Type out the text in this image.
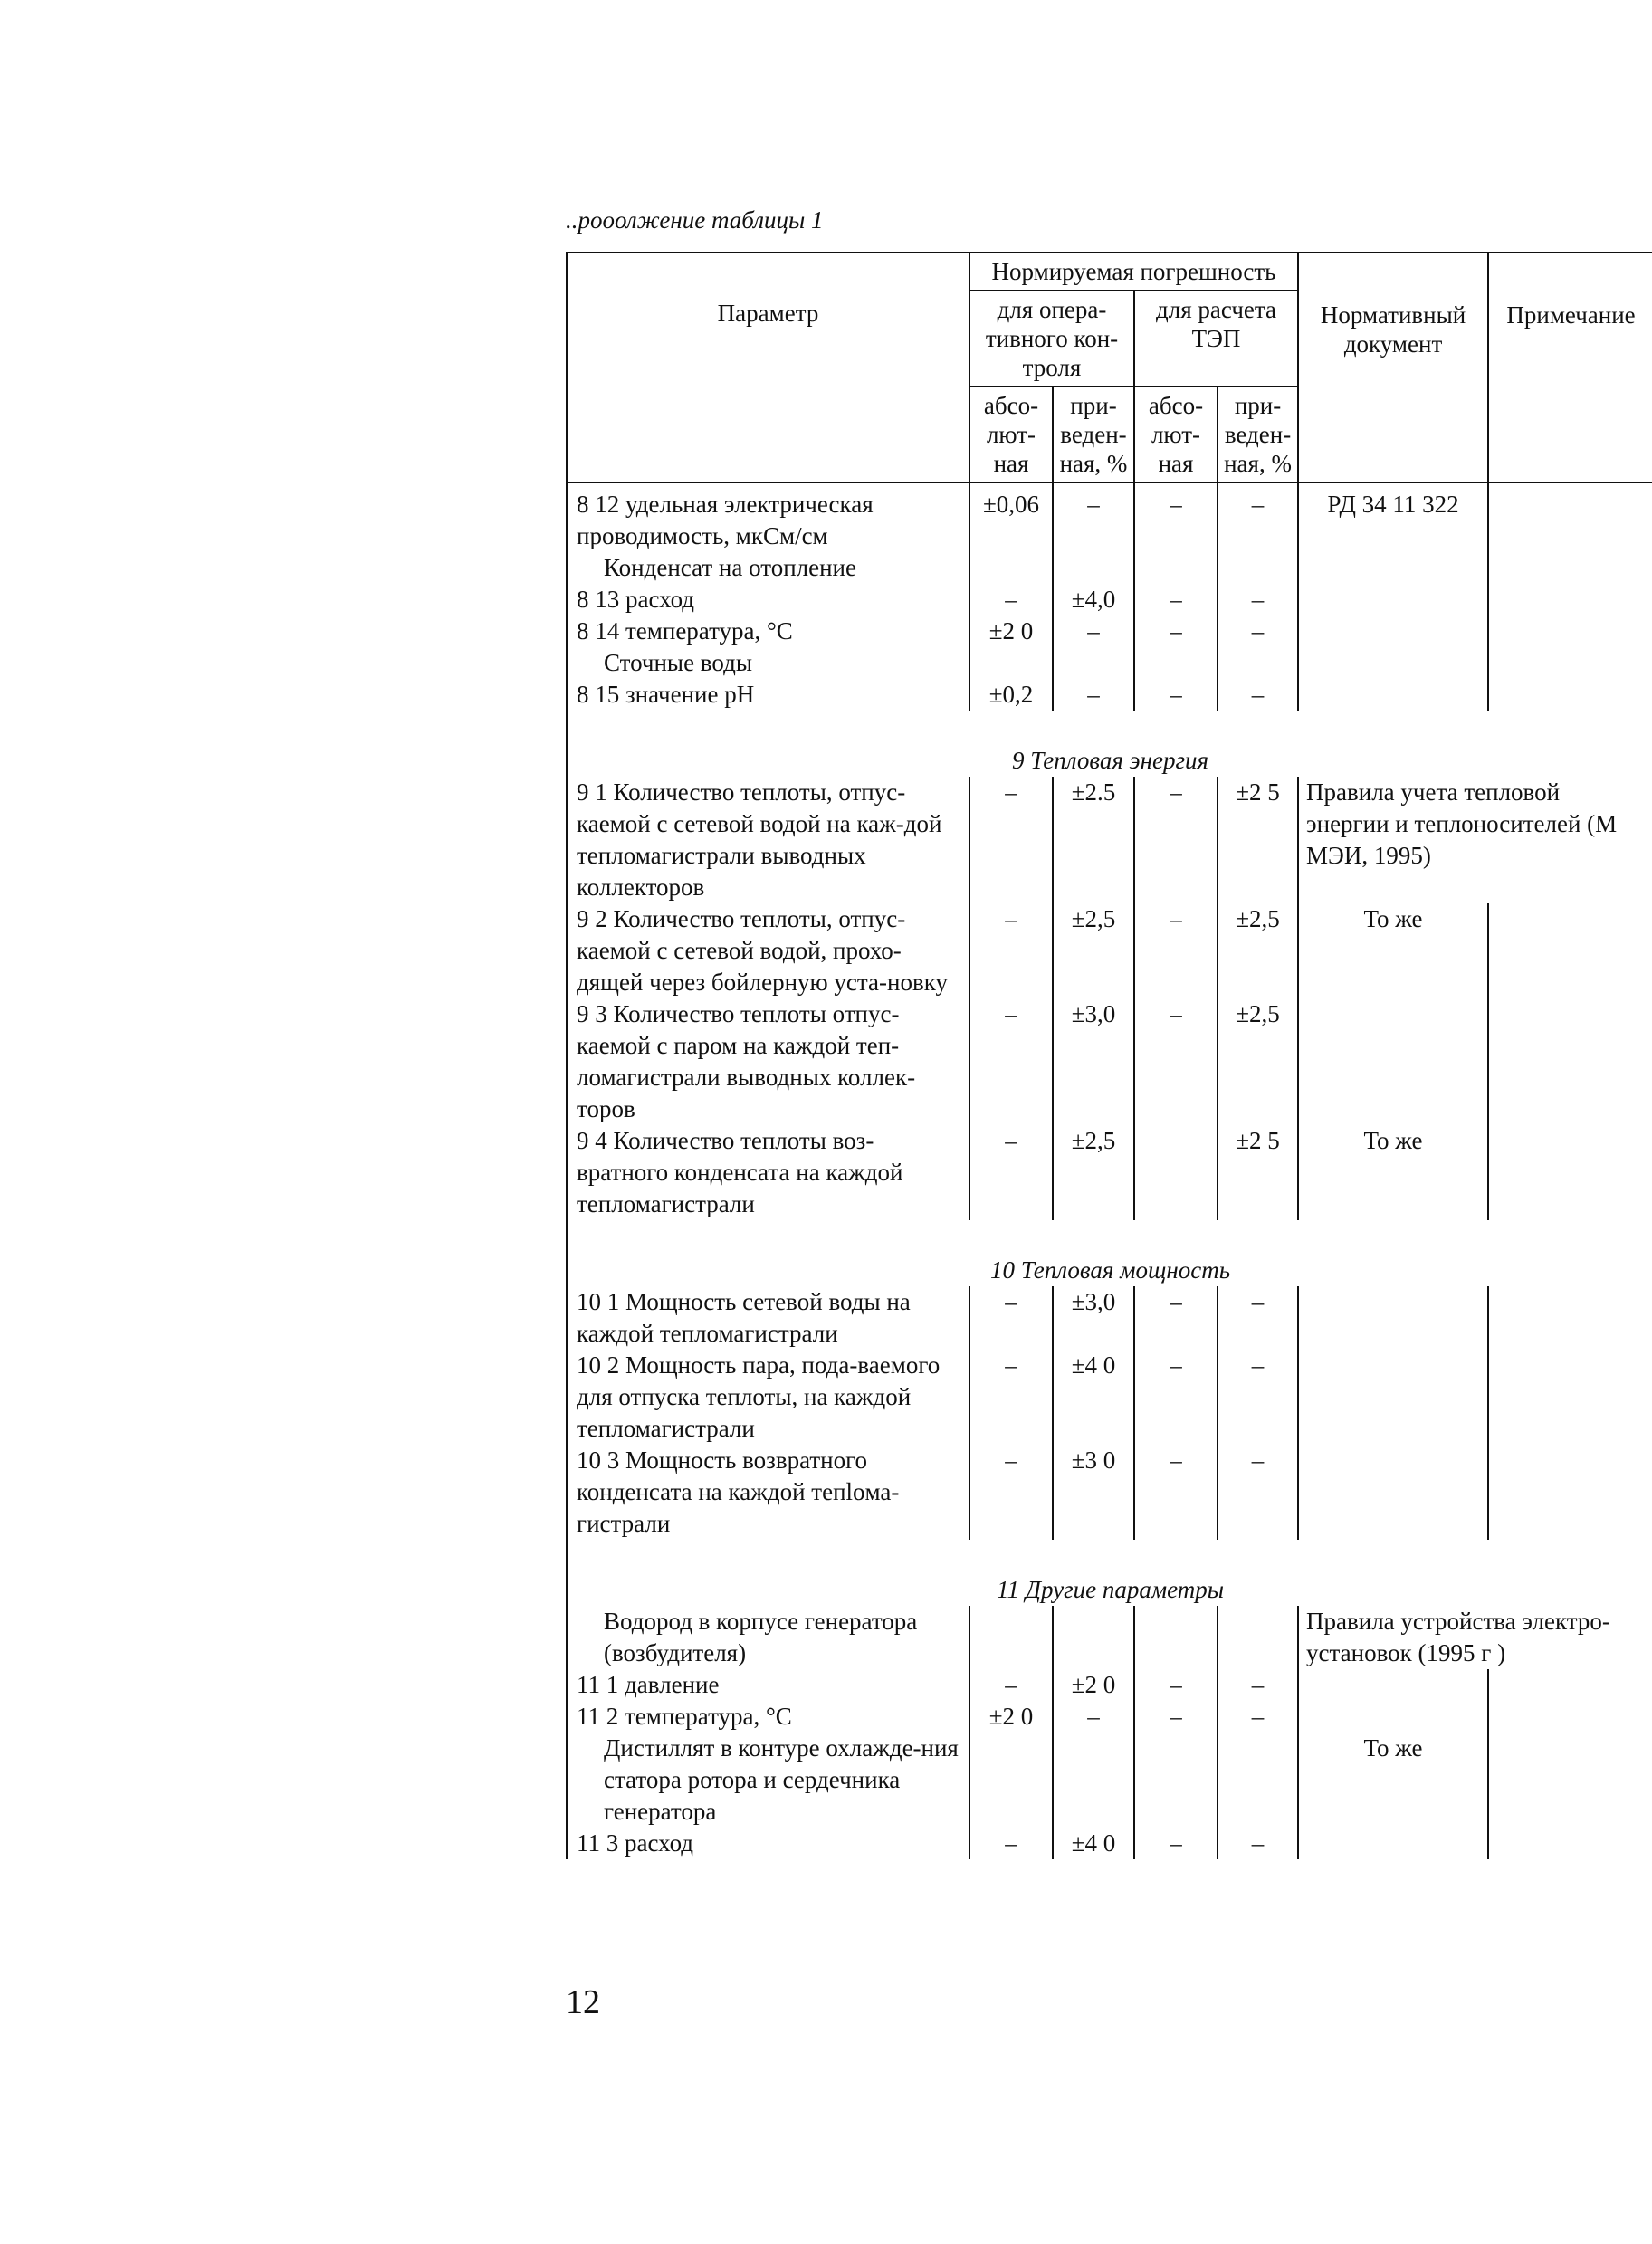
..pooолжение таблицы 1
Параметр	Нормируемая погрешность				Нормативный документ	Примечание
	для опера-тивного кон-троля		для расчета ТЭП			
	абсо-лют-ная	при-веден-ная, %	абсо-лют-ная	при-веден-ная, %		
8 12 удельная электрическая проводимость, мкСм/см	±0,06	–	–	–	РД 34 11 322	
Конденсат на отопление						
8 13 расход	–	±4,0	–	–		
8 14 температура, °С	±2 0	–	–	–		
Сточные воды						
8 15 значение pH	±0,2	–	–	–		
9 Тепловая энергия						
9 1 Количество теплоты, отпус-каемой с сетевой водой на каж-дой тепломагистрали выводных коллекторов	–	±2.5	–	±2 5	Правила учета тепловой энергии и теплоносителей (М МЭИ, 1995)	
9 2 Количество теплоты, отпус-каемой с сетевой водой, прохо-дящей через бойлерную уста-новку	–	±2,5	–	±2,5	То же	
9 3 Количество теплоты отпус-каемой с паром на каждой теп-ломагистрали выводных коллек-торов	–	±3,0	–	±2,5		
9 4 Количество теплоты воз-вратного конденсата на каждой тепломагистрали	–	±2,5		±2 5	То же	
10 Тепловая мощность						
10 1 Мощность сетевой воды на каждой тепломагистрали	–	±3,0	–	–		
10 2 Мощность пара, пода-ваемого для отпуска теплоты, на каждой тепломагистрали	–	±4 0	–	–		
10 3 Мощность возвратного конденсата на каждой тепloма-гистрали	–	±3 0	–	–		
11 Другие параметры						
Водород в корпусе генератора (возбудителя)					Правила устройства электро-установок (1995 г )	
11 1 давление	–	±2 0	–	–		
11 2 температура, °С	±2 0	–	–	–		
Дистиллят в контуре охлажде-ния статора ротора и сердечника генератора					То же	
11 3 расход	–	±4 0	–	–		
12
